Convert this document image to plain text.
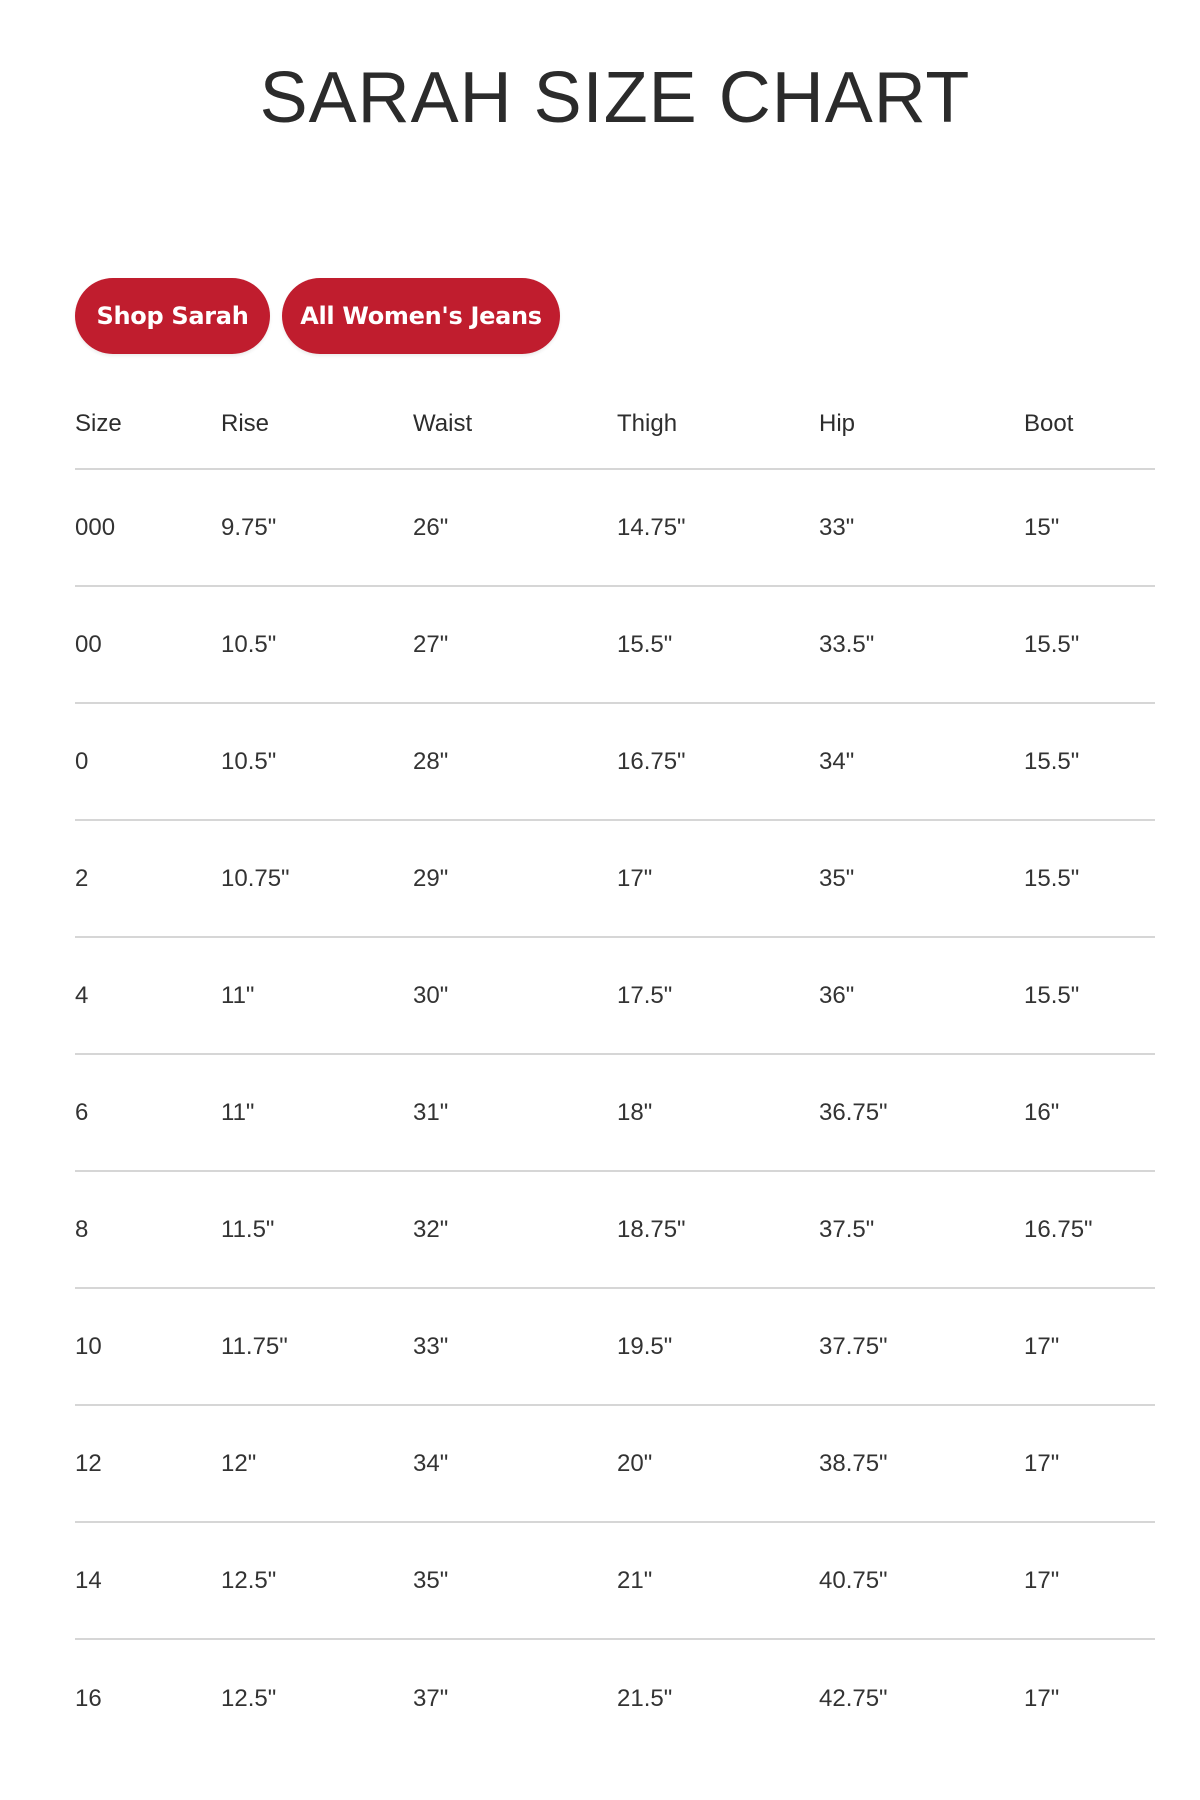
SARAH SIZE CHART
Shop Sarah	All Women's Jeans
Size	Rise	Waist	Thigh	Hip	Boot
000	9.75"	26"	14.75"	33"	15"
00	10.5"	27"	15.5"	33.5"	15.5"
0	10.5"	28"	16.75"	34"	15.5"
2	10.75"	29"	17"	35"	15.5"
4	11"	30"	17.5"	36"	15.5"
6	11"	31"	18"	36.75"	16"
8	11.5"	32"	18.75"	37.5"	16.75"
10	11.75"	33"	19.5"	37.75"	17"
12	12"	34"	20"	38.75"	17"
14	12.5"	35"	21"	40.75"	17"
16	12.5"	37"	21.5"	42.75"	17"
